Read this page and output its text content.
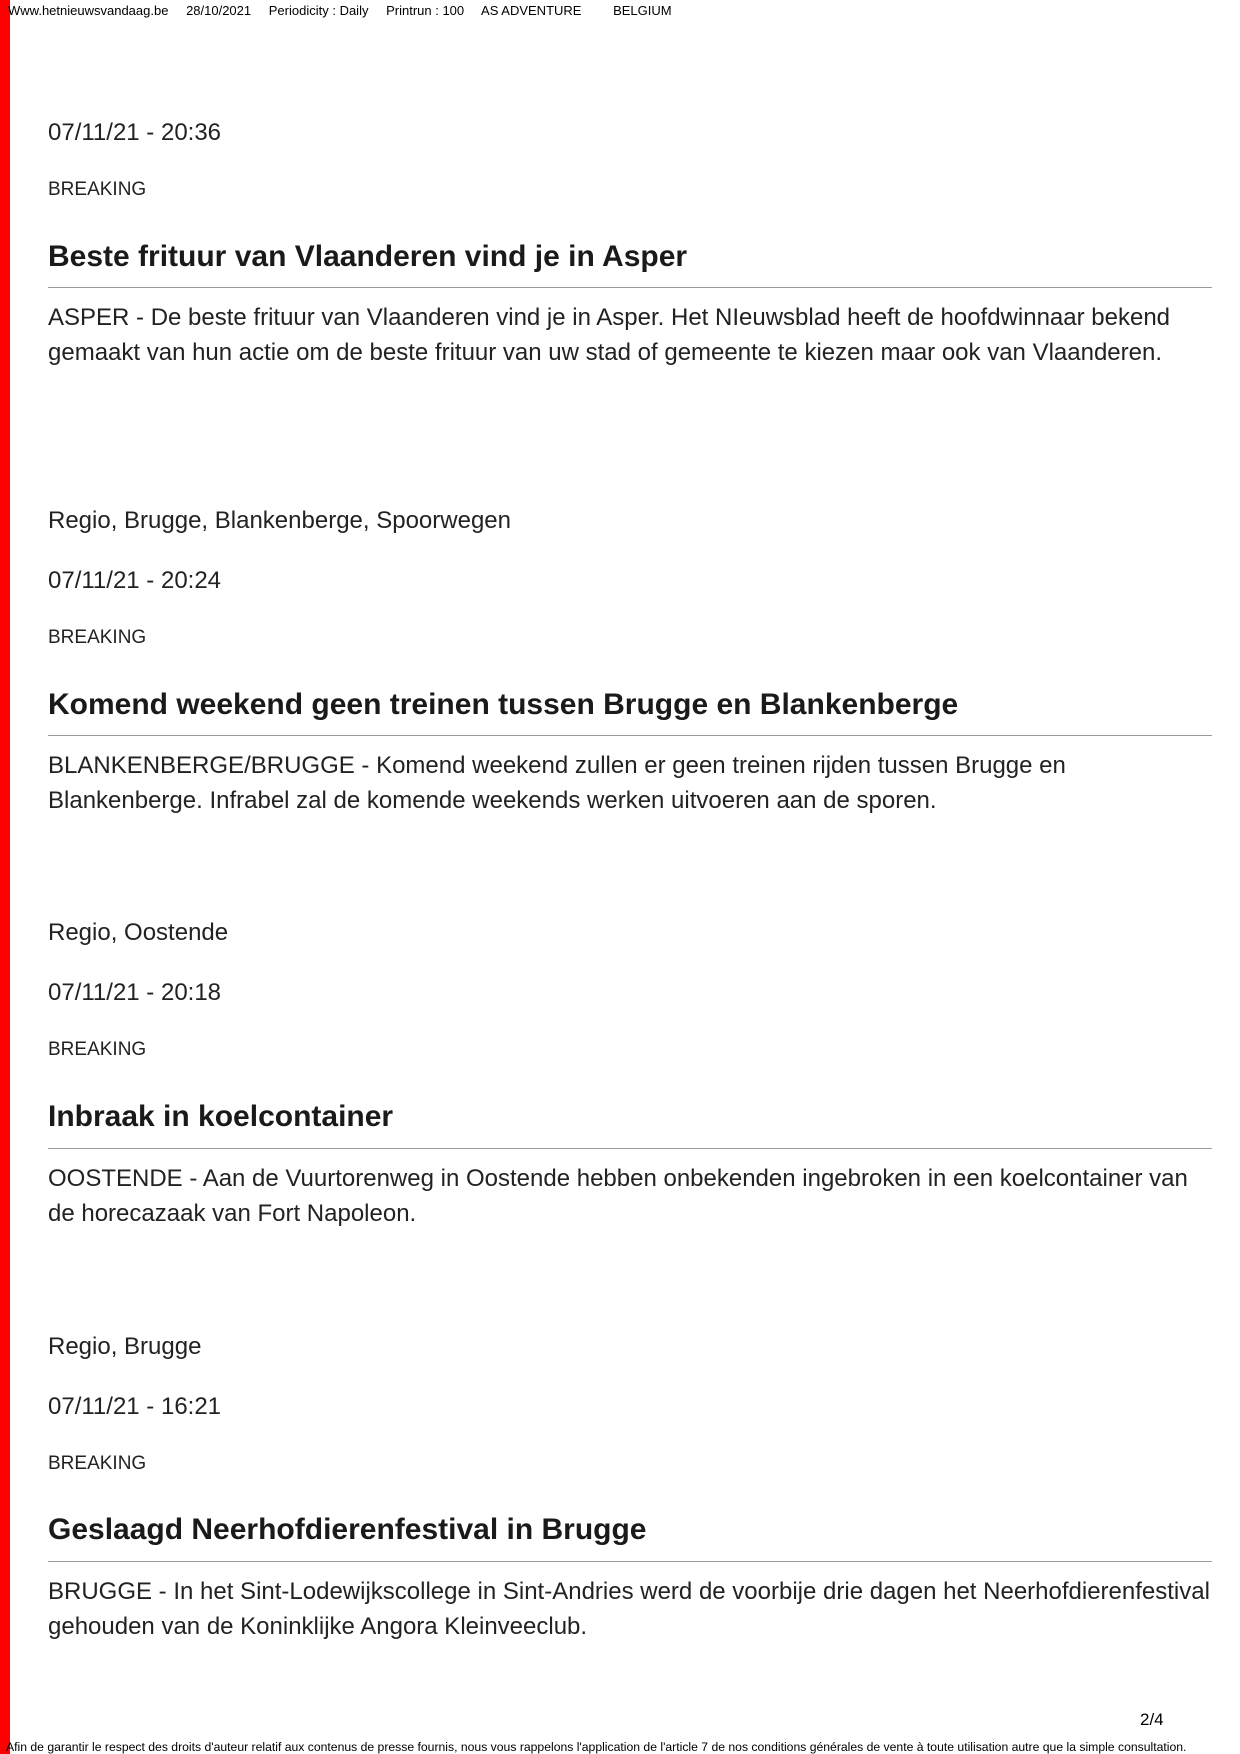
Www.hetnieuwsvandaag.be 28/10/2021 Periodicity : Daily Printrun : 100 AS ADVENTURE BELGIUM
07/11/21 - 20:36
BREAKING
Beste frituur van Vlaanderen vind je in Asper
ASPER - De beste frituur van Vlaanderen vind je in Asper. Het NIeuwsblad heeft de hoofdwinnaar bekend gemaakt van hun actie om de beste frituur van uw stad of gemeente te kiezen maar ook van Vlaanderen.
Regio, Brugge, Blankenberge, Spoorwegen
07/11/21 - 20:24
BREAKING
Komend weekend geen treinen tussen Brugge en Blankenberge
BLANKENBERGE/BRUGGE - Komend weekend zullen er geen treinen rijden tussen Brugge en Blankenberge. Infrabel zal de komende weekends werken uitvoeren aan de sporen.
Regio, Oostende
07/11/21 - 20:18
BREAKING
Inbraak in koelcontainer
OOSTENDE - Aan de Vuurtorenweg in Oostende hebben onbekenden ingebroken in een koelcontainer van de horecazaak van Fort Napoleon.
Regio, Brugge
07/11/21 - 16:21
BREAKING
Geslaagd Neerhofdierenfestival in Brugge
BRUGGE - In het Sint-Lodewijkscollege in Sint-Andries werd de voorbije drie dagen het Neerhofdierenfestival gehouden van de Koninklijke Angora Kleinveeclub.
2/4
Afin de garantir le respect des droits d'auteur relatif aux contenus de presse fournis, nous vous rappelons l'application de l'article 7 de nos conditions générales de vente à toute utilisation autre que la simple consultation.
